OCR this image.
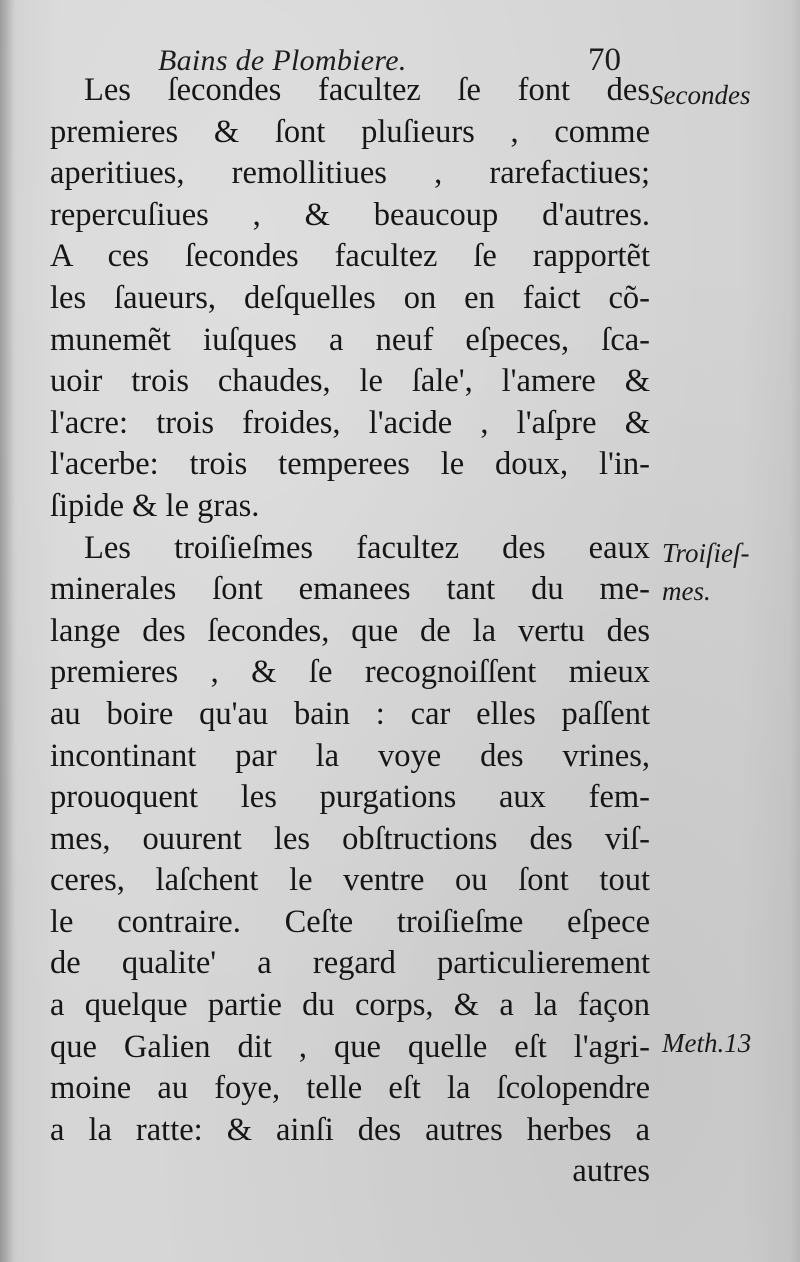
Bains de Plombiere.	70
Les ſecondes facultez ſe font des
premieres & ſont pluſieurs , comme
aperitiues, remollitiues , rarefactiues;
repercuſiues , & beaucoup d'autres.
A ces ſecondes facultez ſe rapportẽt
les ſaueurs, deſquelles on en faict cõ-
munemẽt iuſques a neuf eſpeces, ſca-
uoir trois chaudes, le ſale', l'amere &
l'acre: trois froides, l'acide , l'aſpre &
l'acerbe: trois temperees le doux, l'in-
ſipide & le gras.
Les troiſieſmes facultez des eaux
minerales ſont emanees tant du me-
lange des ſecondes, que de la vertu des
premieres , & ſe recognoiſſent mieux
au boire qu'au bain : car elles paſſent
incontinant par la voye des vrines,
prouoquent les purgations aux fem-
mes, ouurent les obſtructions des viſ-
ceres, laſchent le ventre ou ſont tout
le contraire. Ceſte troiſieſme eſpece
de qualite' a regard particulierement
a quelque partie du corps, & a la façon
que Galien dit , que quelle eſt l'agri-
moine au foye, telle eſt la ſcolopendre
a la ratte: & ainſi des autres herbes a
autres
Secondes
Troiſieſ-
mes.
Meth.13
